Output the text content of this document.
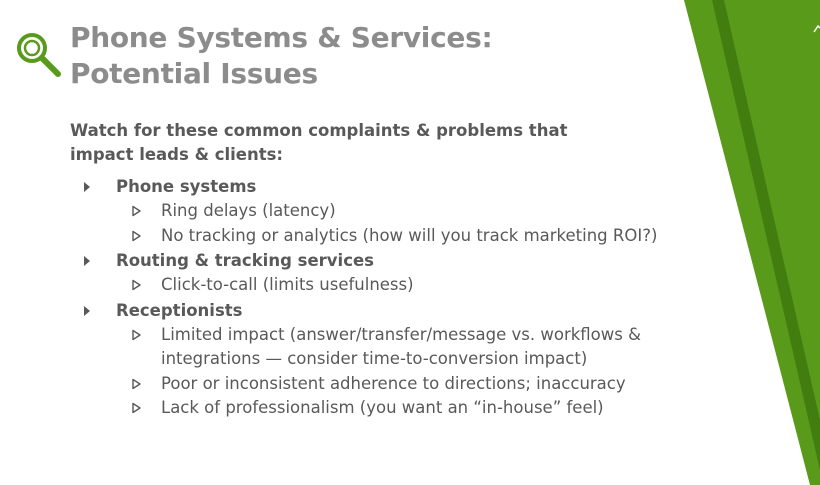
Phone Systems & Services:
Potential Issues

Watch for these common complaints & problems that impact leads & clients:

Phone systems
Ring delays (latency)
No tracking or analytics (how will you track marketing ROI?)
Routing & tracking services
Click-to-call (limits usefulness)
Receptionists
Limited impact (answer/transfer/message vs. workflows & integrations — consider time-to-conversion impact)
Poor or inconsistent adherence to directions; inaccuracy
Lack of professionalism (you want an “in-house” feel)
